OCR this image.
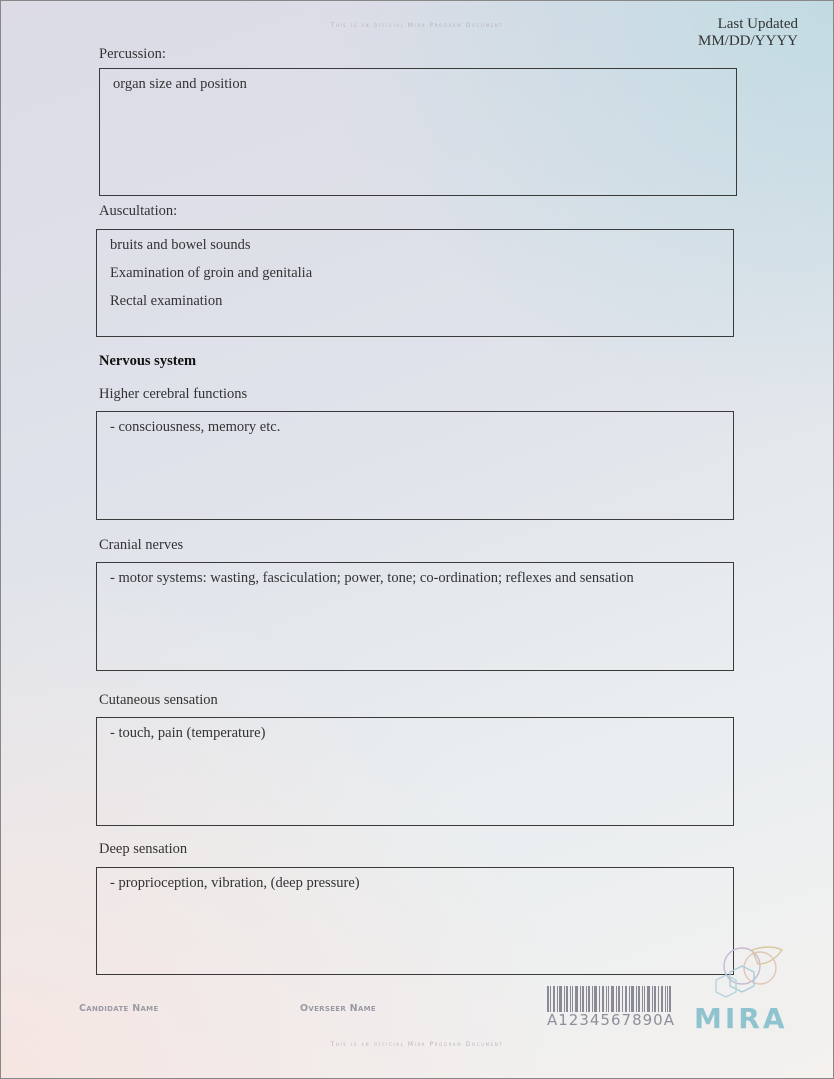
This is an official Mira Program Document	Last Updated
MM/DD/YYYY
Percussion:
organ size and position
Auscultation:
bruits and bowel sounds
Examination of groin and genitalia
Rectal examination
Nervous system
Higher cerebral functions
- consciousness, memory etc.
Cranial nerves
- motor systems: wasting, fasciculation; power, tone; co-ordination; reflexes and sensation
Cutaneous sensation
- touch, pain (temperature)
Deep sensation
- proprioception, vibration, (deep pressure)
Candidate Name	Overseer Name
A1234567890A MIRA
This is an official Mira Program Document
